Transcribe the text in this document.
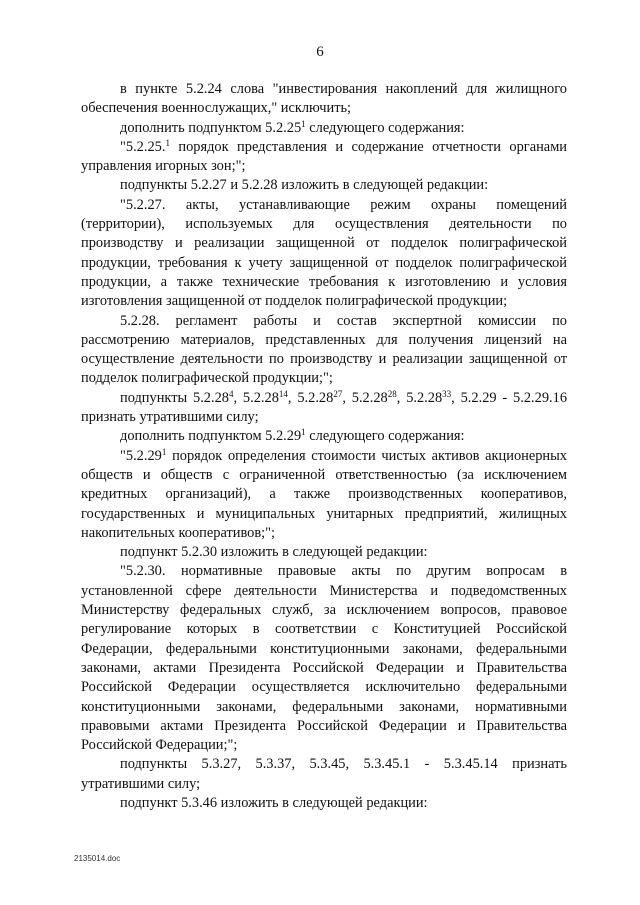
6

в пункте 5.2.24 слова "инвестирования накоплений для жилищного обеспечения военнослужащих," исключить;

дополнить подпунктом 5.2.25$^1$ следующего содержания:

"5.2.25.$^1$ порядок представления и содержание отчетности органами управления игорных зон;";

подпункты 5.2.27 и 5.2.28 изложить в следующей редакции:

"5.2.27. акты, устанавливающие режим охраны помещений (территории), используемых для осуществления деятельности по производству и реализации защищенной от подделок полиграфической продукции, требования к учету защищенной от подделок полиграфической продукции, а также технические требования к изготовлению и условия изготовления защищенной от подделок полиграфической продукции;

5.2.28. регламент работы и состав экспертной комиссии по рассмотрению материалов, представленных для получения лицензий на осуществление деятельности по производству и реализации защищенной от подделок полиграфической продукции;";

подпункты 5.2.28$^4$, 5.2.28$^{14}$, 5.2.28$^{27}$, 5.2.28$^{28}$, 5.2.28$^{33}$, 5.2.29 - 5.2.29.16 признать утратившими силу;

дополнить подпунктом 5.2.29$^1$ следующего содержания:

"5.2.29$^1$ порядок определения стоимости чистых активов акционерных обществ и обществ с ограниченной ответственностью (за исключением кредитных организаций), а также производственных кооперативов, государственных и муниципальных унитарных предприятий, жилищных накопительных кооперативов;";

подпункт 5.2.30 изложить в следующей редакции:

"5.2.30. нормативные правовые акты по другим вопросам в установленной сфере деятельности Министерства и подведомственных Министерству федеральных служб, за исключением вопросов, правовое регулирование которых в соответствии с Конституцией Российской Федерации, федеральными конституционными законами, федеральными законами, актами Президента Российской Федерации и Правительства Российской Федерации осуществляется исключительно федеральными конституционными законами, федеральными законами, нормативными правовыми актами Президента Российской Федерации и Правительства Российской Федерации;";

подпункты 5.3.27, 5.3.37, 5.3.45, 5.3.45.1 - 5.3.45.14 признать утратившими силу;

подпункт 5.3.46 изложить в следующей редакции:

2135014.doc
